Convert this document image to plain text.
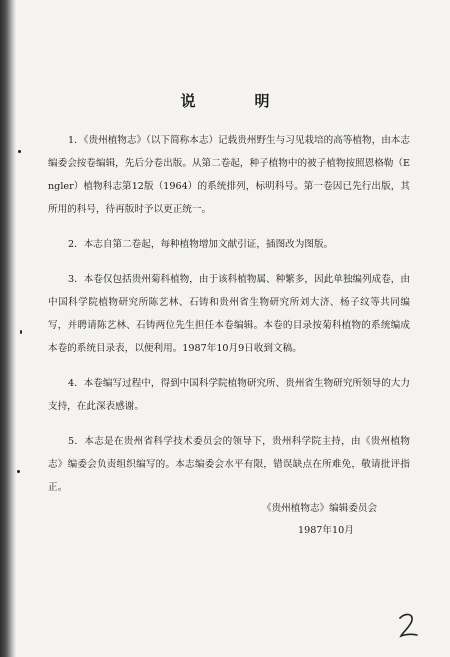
说　明

1．《贵州植物志》（以下简称本志）记载贵州野生与习见栽培的高等植物，由本志编委会按卷编辑，先后分卷出版。从第二卷起，种子植物中的被子植物按照恩格勒（Engler）植物科志第12版（1964）的系统排列，标明科号。第一卷因已先行出版，其所用的科号，待再版时予以更正统一。

2．本志自第二卷起，每种植物增加文献引证，插图改为图版。

3．本卷仅包括贵州菊科植物，由于该科植物属、种繁多，因此单独编列成卷，由中国科学院植物研究所陈艺林、石铸和贵州省生物研究所刘大济、杨子纹等共同编写，并聘请陈艺林、石铸两位先生担任本卷编辑。本卷的目录按菊科植物的系统编成本卷的系统目录表，以便利用。1987年10月9日收到文稿。

4．本卷编写过程中，得到中国科学院植物研究所、贵州省生物研究所领导的大力支持，在此深表感谢。

5．本志是在贵州省科学技术委员会的领导下，贵州科学院主持，由《贵州植物志》编委会负责组织编写的。本志编委会水平有限，错误缺点在所难免，敬请批评指正。

《贵州植物志》编辑委员会
1987年10月
